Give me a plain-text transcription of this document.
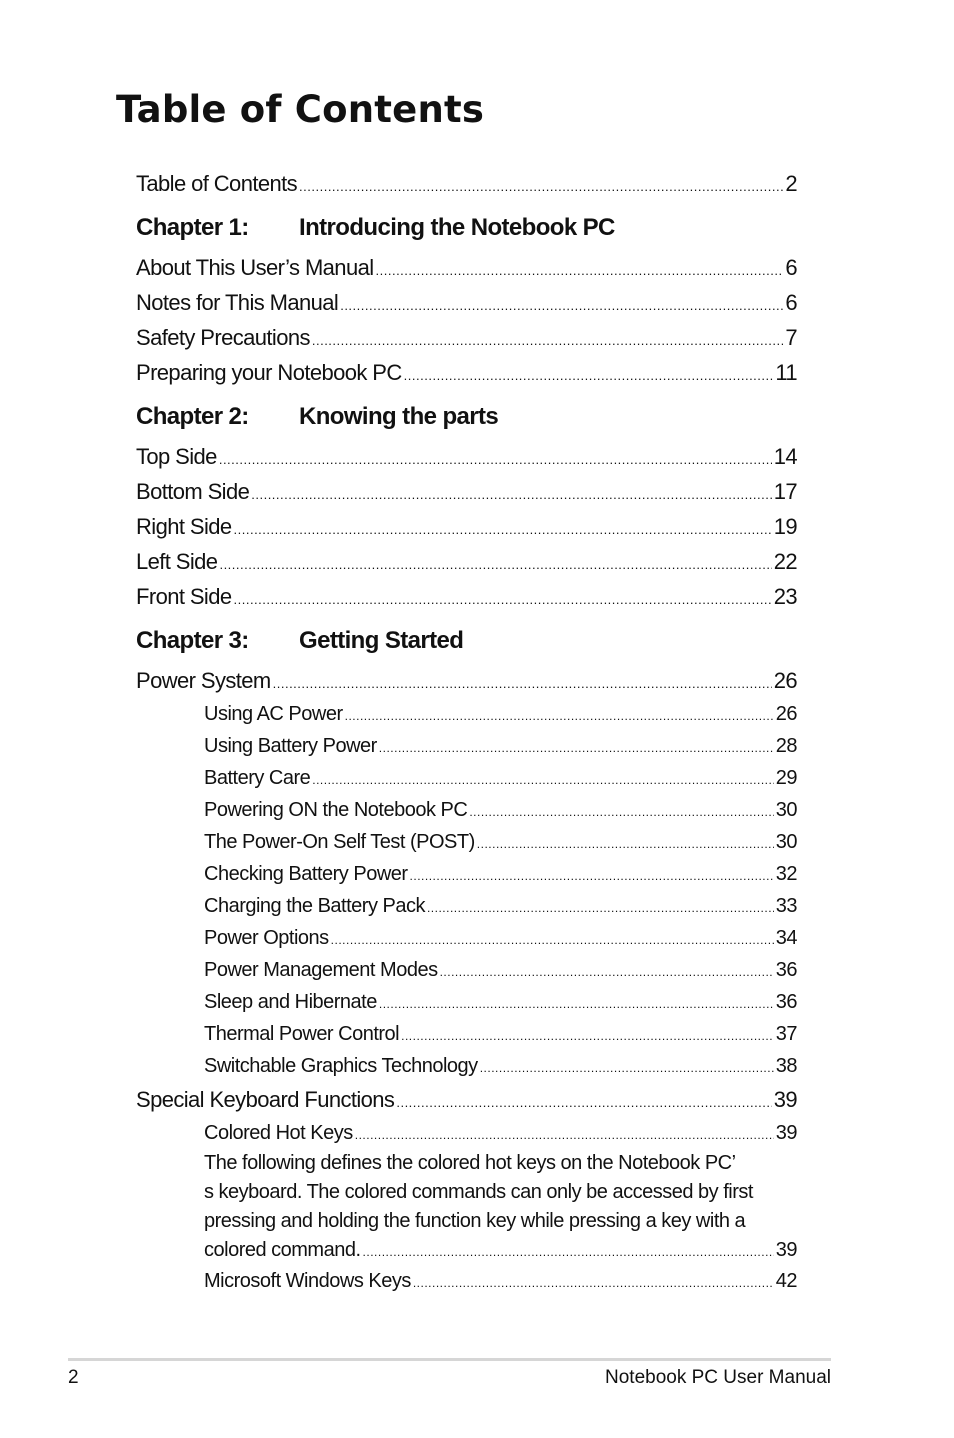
Table of Contents
Table of Contents .....	2
Chapter 1: Introducing the Notebook PC
About This User’s Manual .....	6
Notes for This Manual .....	6
Safety Precautions .....	7
Preparing your Notebook PC .....	11
Chapter 2: Knowing the parts
Top Side .....	14
Bottom Side .....	17
Right Side .....	19
Left Side .....	22
Front Side .....	23
Chapter 3: Getting Started
Power System .....	26
Using AC Power .....	26
Using Battery Power .....	28
Battery Care .....	29
Powering ON the Notebook PC .....	30
The Power-On Self Test (POST) .....	30
Checking Battery Power .....	32
Charging the Battery Pack .....	33
Power Options .....	34
Power Management Modes .....	36
Sleep and Hibernate .....	36
Thermal Power Control .....	37
Switchable Graphics Technology .....	38
Special Keyboard Functions .....	39
Colored Hot Keys .....	39
The following defines the colored hot keys on the Notebook PC’
s keyboard. The colored commands can only be accessed by first
pressing and holding the function key while pressing a key with a
colored command. .....	39
Microsoft Windows Keys .....	42
2	Notebook PC User Manual
